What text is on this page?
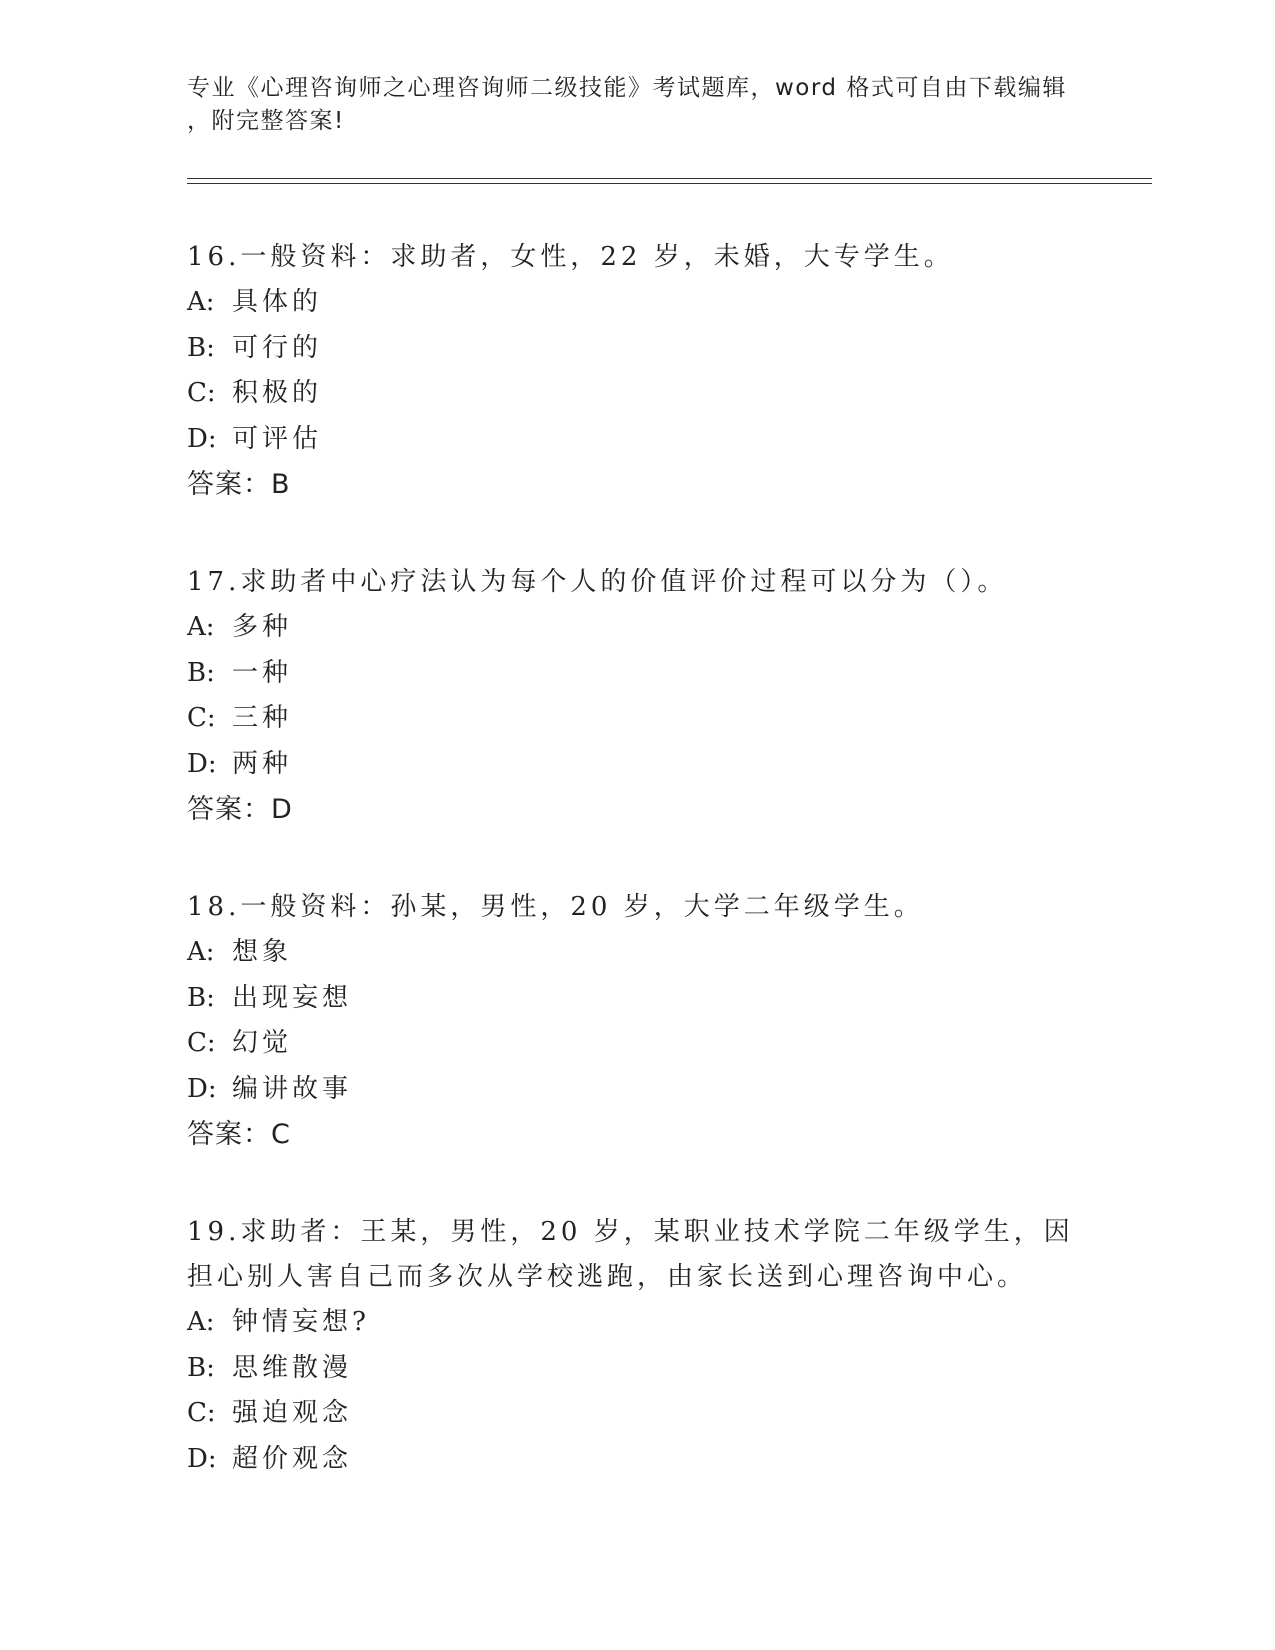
专业《心理咨询师之心理咨询师二级技能》考试题库，word 格式可自由下载编辑
，附完整答案!

16.一般资料：求助者，女性，22 岁，未婚，大专学生。

A: 具体的
B: 可行的
C: 积极的
D: 可评估
答案：B

17.求助者中心疗法认为每个人的价值评价过程可以分为（）。

A: 多种
B: 一种
C: 三种
D: 两种
答案：D

18.一般资料：孙某，男性，20 岁，大学二年级学生。

A: 想象
B: 出现妄想
C: 幻觉
D: 编讲故事
答案：C

19.求助者：王某，男性，20 岁，某职业技术学院二年级学生，因担心别人害自己而多次从学校逃跑，由家长送到心理咨询中心。

A: 钟情妄想?
B: 思维散漫
C: 强迫观念
D: 超价观念
